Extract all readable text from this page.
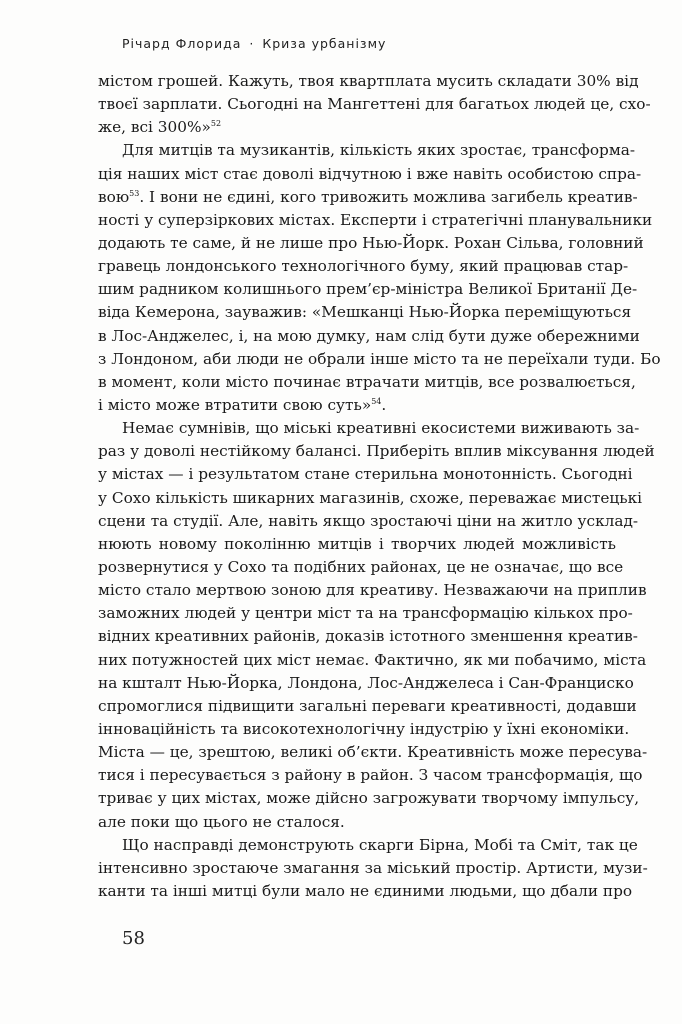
Річард Флорида · Криза урбанізму
містом грошей. Кажуть, твоя квартплата мусить складати 30% від
твоєї зарплати. Сьогодні на Мангеттені для багатьох людей це, схо-
же, всі 300%»$^{52}$
Для митців та музикантів, кількість яких зростає, трансформа-
ція наших міст стає доволі відчутною і вже навіть особистою спра-
вою$^{53}$. І вони не єдині, кого тривожить можлива загибель креатив-
ності у суперзіркових містах. Експерти і стратегічні планувальники
додають те саме, й не лише про Нью-Йорк. Рохан Сільва, головний
гравець лондонського технологічного буму, який працював стар-
шим радником колишнього прем’єр-міністра Великої Британії Де-
віда Кемерона, зауважив: «Мешканці Нью-Йорка переміщуються
в Лос-Анджелес, і, на мою думку, нам слід бути дуже обережними
з Лондоном, аби люди не обрали інше місто та не переїхали туди. Бо
в момент, коли місто починає втрачати митців, все розвалюється,
і місто може втратити свою суть»$^{54}$.
Немає сумнівів, що міські креативні екосистеми виживають за-
раз у доволі нестійкому балансі. Приберіть вплив міксування людей
у містах — і результатом стане стерильна монотонність. Сьогодні
у Сохо кількість шикарних магазинів, схоже, переважає мистецькі
сцени та студії. Але, навіть якщо зростаючі ціни на житло усклад-
нюють новому поколінню митців і творчих людей можливість
розвернутися у Сохо та подібних районах, це не означає, що все
місто стало мертвою зоною для креативу. Незважаючи на приплив
заможних людей у центри міст та на трансформацію кількох про-
відних креативних районів, доказів істотного зменшення креатив-
них потужностей цих міст немає. Фактично, як ми побачимо, міста
на кшталт Нью-Йорка, Лондона, Лос-Анджелеса і Сан-Франциско
спромоглися підвищити загальні переваги креативності, додавши
інноваційність та високотехнологічну індустрію у їхні економіки.
Міста — це, зрештою, великі об’єкти. Креативність може пересува-
тися і пересувається з району в район. З часом трансформація, що
триває у цих містах, може дійсно загрожувати творчому імпульсу,
але поки що цього не сталося.
Що насправді демонструють скарги Бірна, Мобі та Сміт, так це
інтенсивно зростаюче змагання за міський простір. Артисти, музи-
канти та інші митці були мало не єдиними людьми, що дбали про
58
